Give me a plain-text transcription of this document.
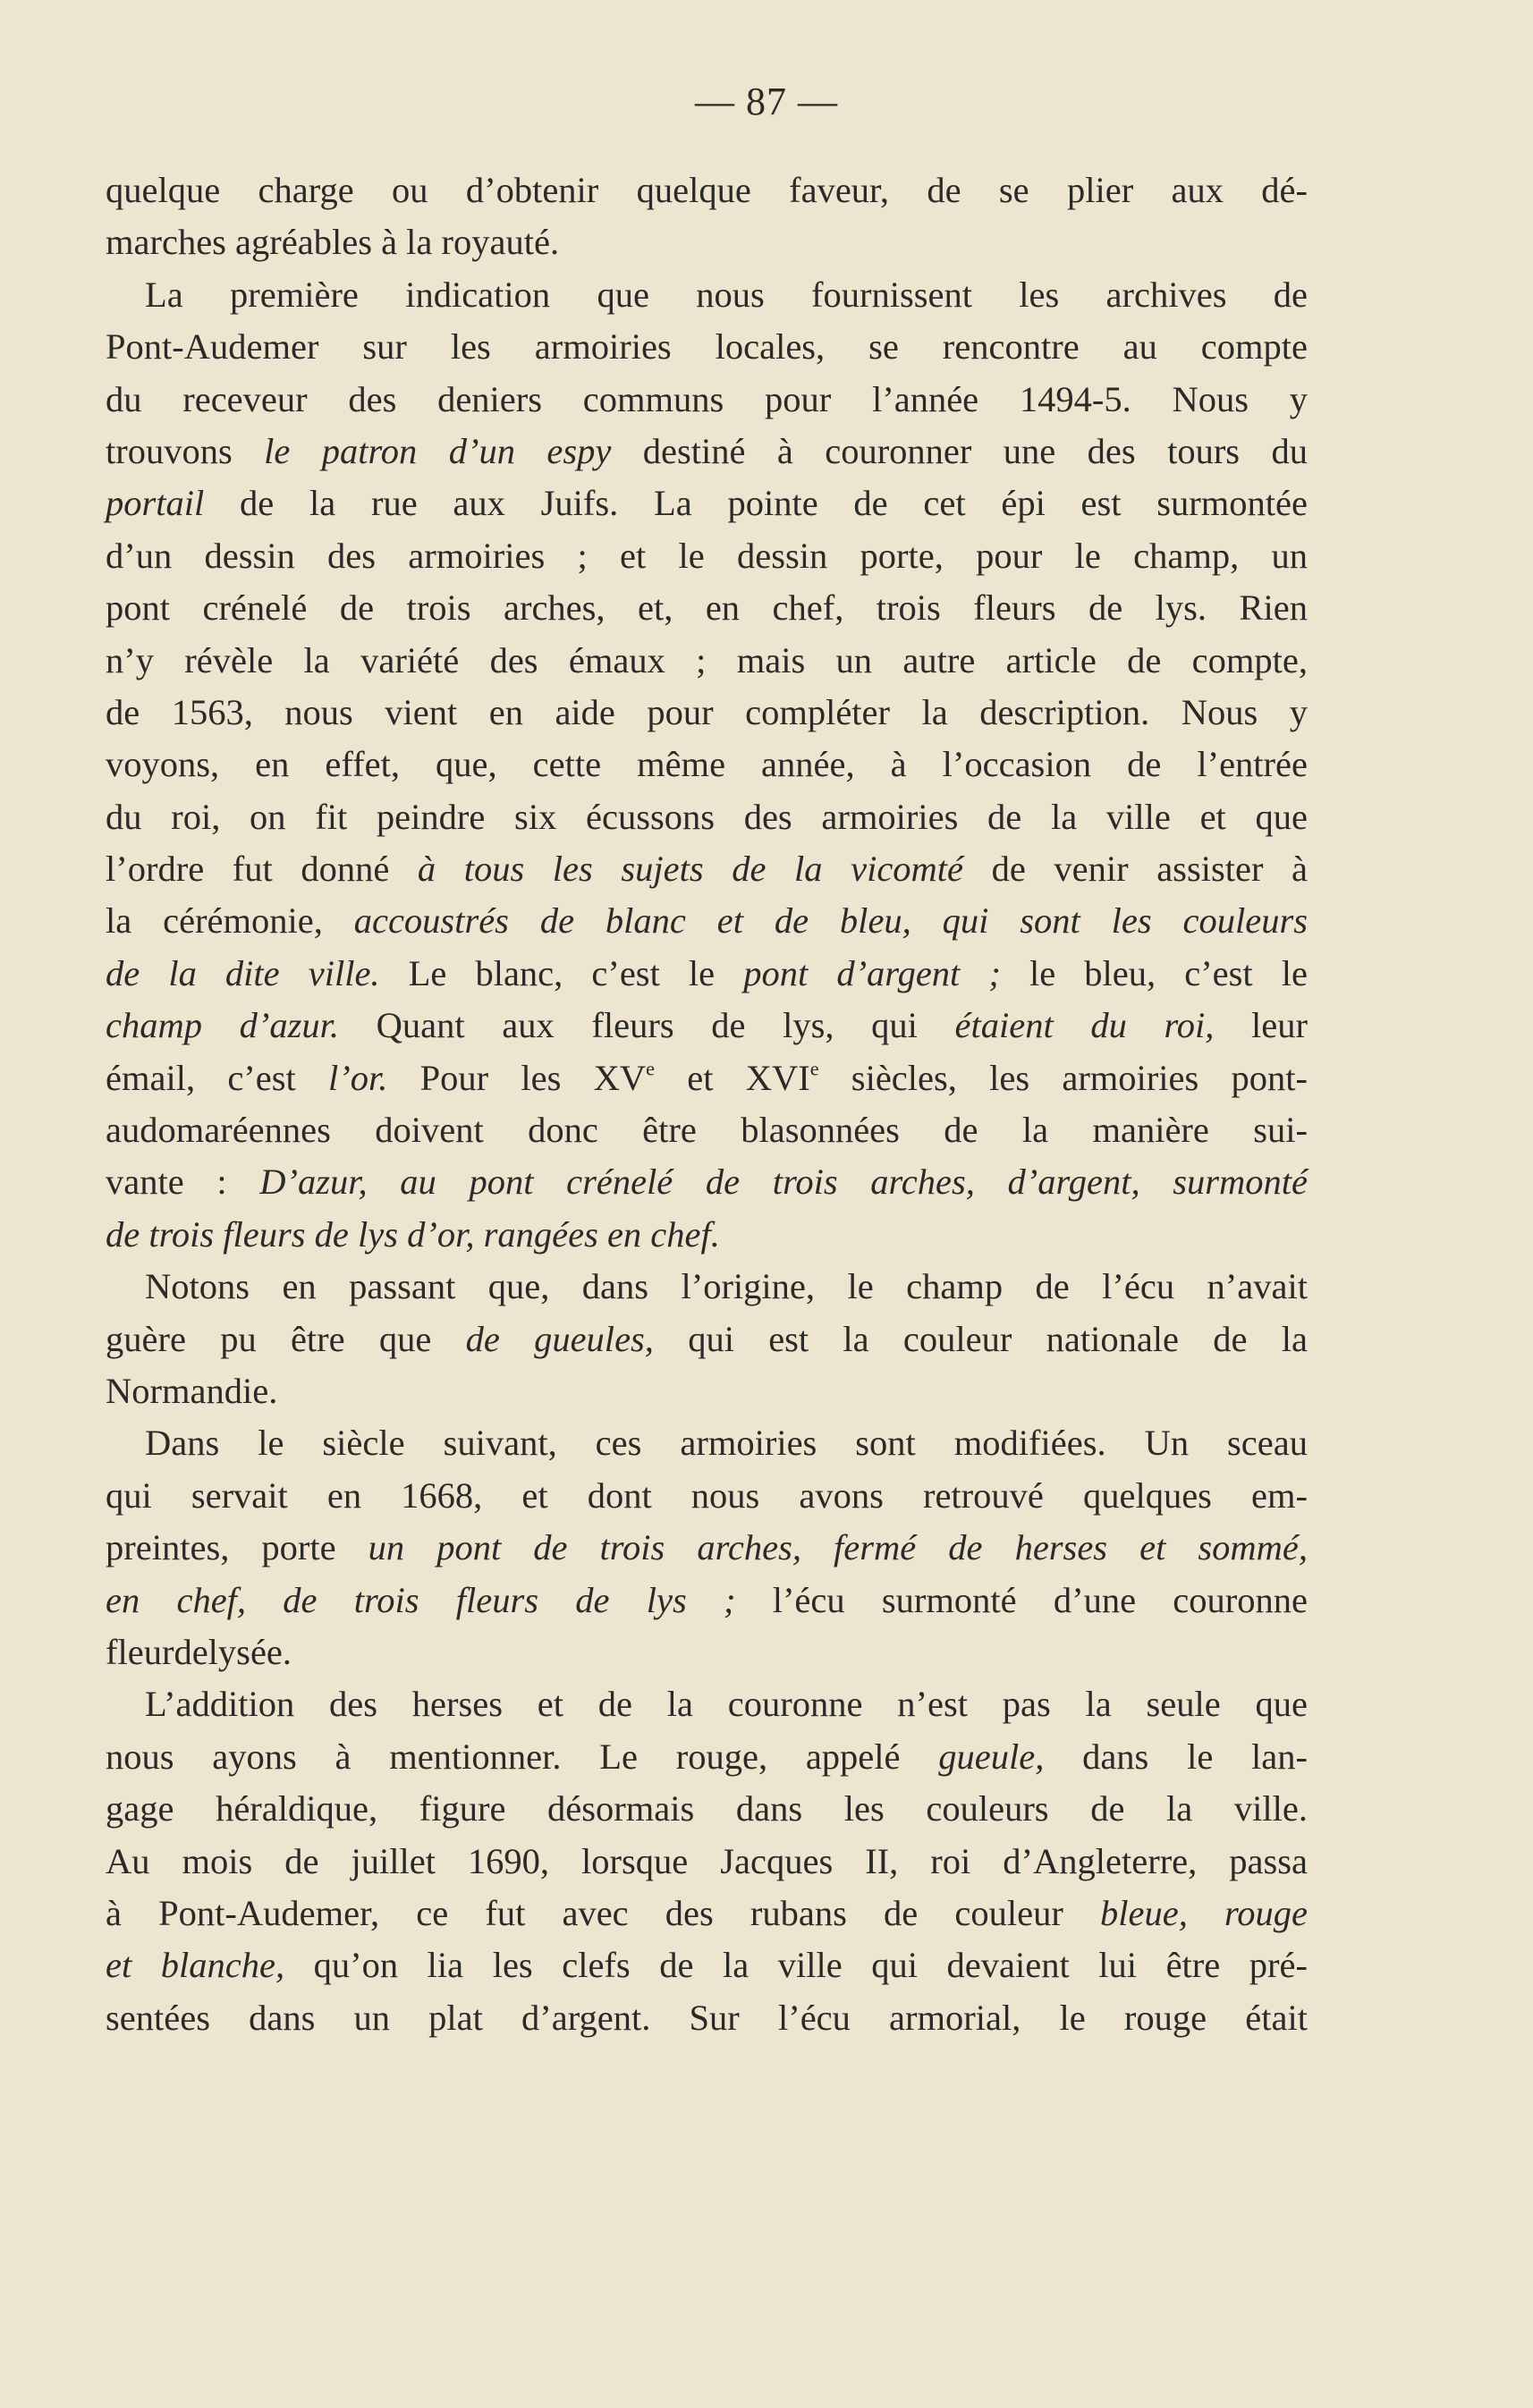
— 87 —
quelque charge ou d’obtenir quelque faveur, de se plier aux dé-
marches agréables à la royauté.
La première indication que nous fournissent les archives de
Pont-Audemer sur les armoiries locales, se rencontre au compte
du receveur des deniers communs pour l’année 1494-5. Nous y
trouvons le patron d’un espy destiné à couronner une des tours du
portail de la rue aux Juifs. La pointe de cet épi est surmontée
d’un dessin des armoiries ; et le dessin porte, pour le champ, un
pont crénelé de trois arches, et, en chef, trois fleurs de lys. Rien
n’y révèle la variété des émaux ; mais un autre article de compte,
de 1563, nous vient en aide pour compléter la description. Nous y
voyons, en effet, que, cette même année, à l’occasion de l’entrée
du roi, on fit peindre six écussons des armoiries de la ville et que
l’ordre fut donné à tous les sujets de la vicomté de venir assister à
la cérémonie, accoustrés de blanc et de bleu, qui sont les couleurs
de la dite ville. Le blanc, c’est le pont d’argent ; le bleu, c’est le
champ d’azur. Quant aux fleurs de lys, qui étaient du roi, leur
émail, c’est l’or. Pour les XVe et XVIe siècles, les armoiries pont-
audomaréennes doivent donc être blasonnées de la manière sui-
vante : D’azur, au pont crénelé de trois arches, d’argent, surmonté
de trois fleurs de lys d’or, rangées en chef.
Notons en passant que, dans l’origine, le champ de l’écu n’avait
guère pu être que de gueules, qui est la couleur nationale de la
Normandie.
Dans le siècle suivant, ces armoiries sont modifiées. Un sceau
qui servait en 1668, et dont nous avons retrouvé quelques em-
preintes, porte un pont de trois arches, fermé de herses et sommé,
en chef, de trois fleurs de lys ; l’écu surmonté d’une couronne
fleurdelysée.
L’addition des herses et de la couronne n’est pas la seule que
nous ayons à mentionner. Le rouge, appelé gueule, dans le lan-
gage héraldique, figure désormais dans les couleurs de la ville.
Au mois de juillet 1690, lorsque Jacques II, roi d’Angleterre, passa
à Pont-Audemer, ce fut avec des rubans de couleur bleue, rouge
et blanche, qu’on lia les clefs de la ville qui devaient lui être pré-
sentées dans un plat d’argent. Sur l’écu armorial, le rouge était
